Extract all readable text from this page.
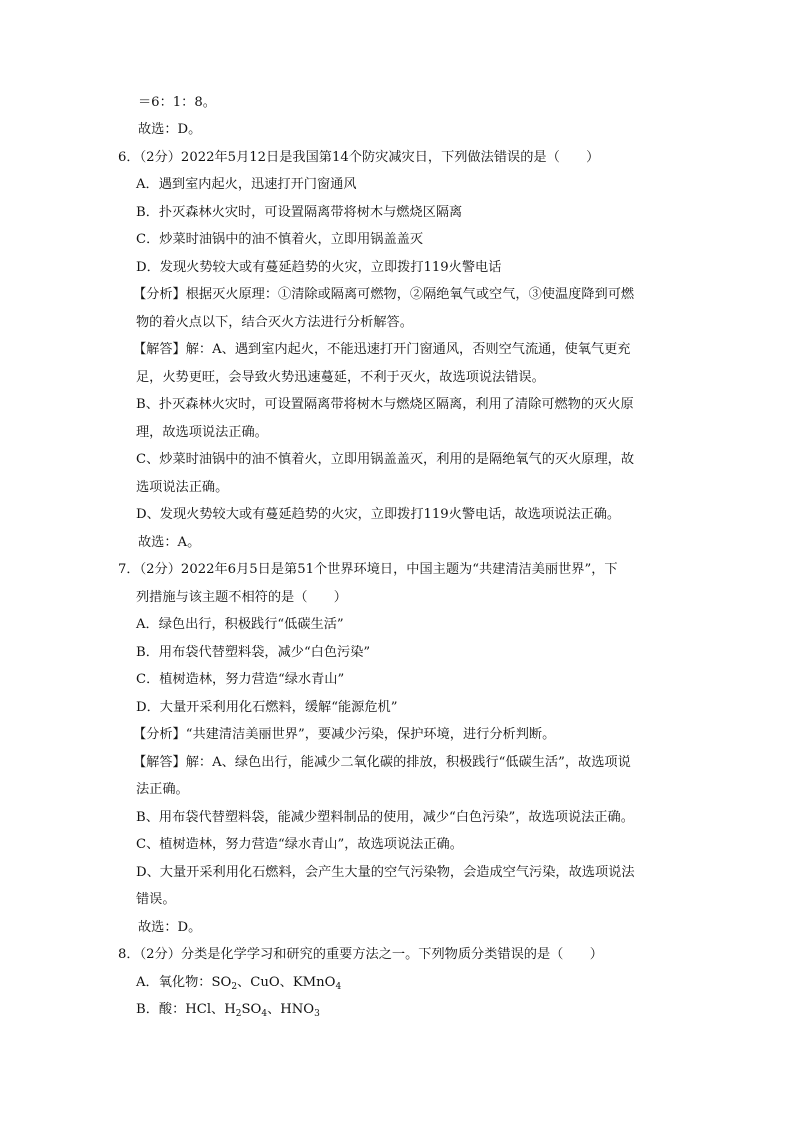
＝6：1：8。
故选：D。
6．（2分）2022年5月12日是我国第14个防灾减灾日，下列做法错误的是（　　）
A．遇到室内起火，迅速打开门窗通风
B．扑灭森林火灾时，可设置隔离带将树木与燃烧区隔离
C．炒菜时油锅中的油不慎着火，立即用锅盖盖灭
D．发现火势较大或有蔓延趋势的火灾，立即拨打119火警电话
【分析】根据灭火原理：①清除或隔离可燃物，②隔绝氧气或空气，③使温度降到可燃
物的着火点以下，结合灭火方法进行分析解答。
【解答】解：A、遇到室内起火，不能迅速打开门窗通风，否则空气流通，使氧气更充
足，火势更旺，会导致火势迅速蔓延，不利于灭火，故选项说法错误。
B、扑灭森林火灾时，可设置隔离带将树木与燃烧区隔离，利用了清除可燃物的灭火原
理，故选项说法正确。
C、炒菜时油锅中的油不慎着火，立即用锅盖盖灭，利用的是隔绝氧气的灭火原理，故
选项说法正确。
D、发现火势较大或有蔓延趋势的火灾，立即拨打119火警电话，故选项说法正确。
故选：A。
7．（2分）2022年6月5日是第51个世界环境日，中国主题为“共建清洁美丽世界”，下
列措施与该主题不相符的是（　　）
A．绿色出行，积极践行“低碳生活”
B．用布袋代替塑料袋，减少“白色污染”
C．植树造林，努力营造“绿水青山”
D．大量开采利用化石燃料，缓解“能源危机”
【分析】“共建清洁美丽世界”，要减少污染，保护环境，进行分析判断。
【解答】解：A、绿色出行，能减少二氧化碳的排放，积极践行“低碳生活”，故选项说
法正确。
B、用布袋代替塑料袋，能减少塑料制品的使用，减少“白色污染”，故选项说法正确。
C、植树造林，努力营造“绿水青山”，故选项说法正确。
D、大量开采利用化石燃料，会产生大量的空气污染物，会造成空气污染，故选项说法
错误。
故选：D。
8．（2分）分类是化学学习和研究的重要方法之一。下列物质分类错误的是（　　）
A．氧化物：$SO_2$、CuO、KMnO$_4$
B．酸：HCl、$H_2SO_4$、$HNO_3$
